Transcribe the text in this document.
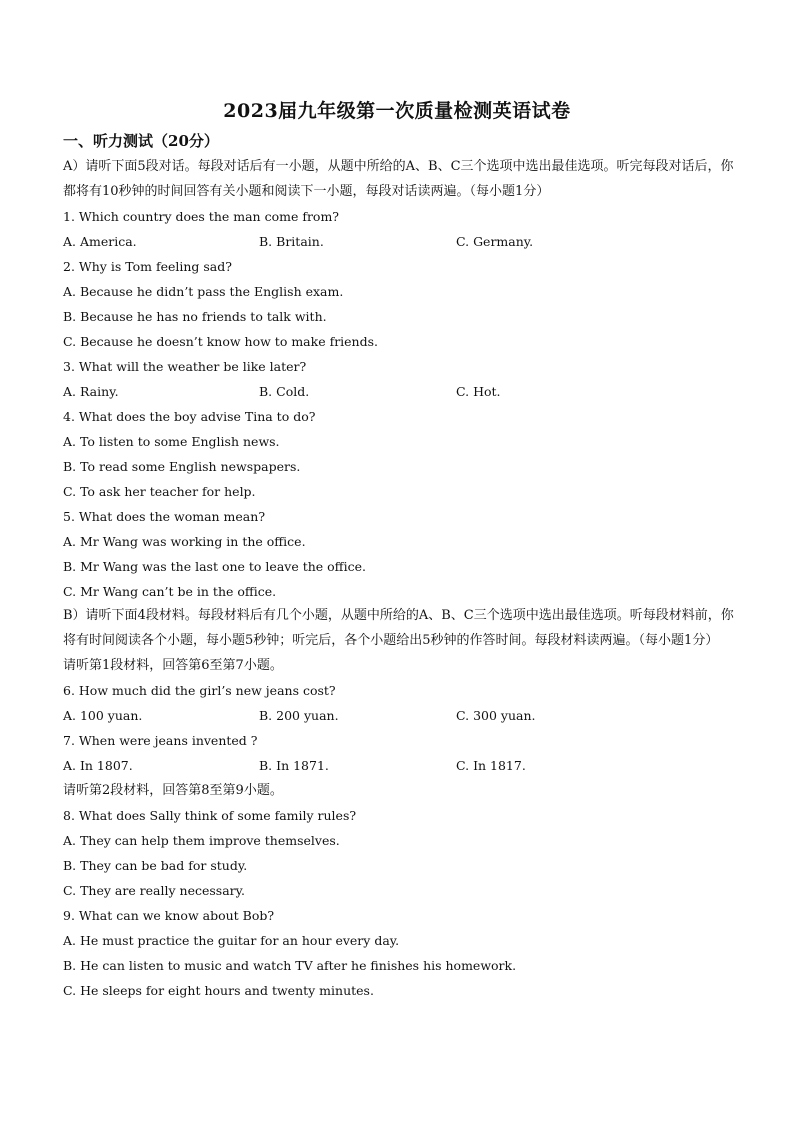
2023届九年级第一次质量检测英语试卷
一、听力测试（20分）

A）请听下面5段对话。每段对话后有一小题，从题中所给的A、B、C三个选项中选出最佳选项。听完每段对话后，你都将有10秒钟的时间回答有关小题和阅读下一小题，每段对话读两遍。（每小题1分）

1. Which country does the man come from?
A. America.	B. Britain.	C. Germany.
2. Why is Tom feeling sad?
A. Because he didn’t pass the English exam.
B. Because he has no friends to talk with.
C. Because he doesn’t know how to make friends.
3. What will the weather be like later?
A. Rainy.	B. Cold.	C. Hot.
4. What does the boy advise Tina to do?
A. To listen to some English news.
B. To read some English newspapers.
C. To ask her teacher for help.
5. What does the woman mean?
A. Mr Wang was working in the office.
B. Mr Wang was the last one to leave the office.
C. Mr Wang can’t be in the office.

B）请听下面4段材料。每段材料后有几个小题，从题中所给的A、B、C三个选项中选出最佳选项。听每段材料前，你将有时间阅读各个小题，每小题5秒钟；听完后，各个小题给出5秒钟的作答时间。每段材料读两遍。（每小题1分）

请听第1段材料，回答第6至第7小题。
6. How much did the girl’s new jeans cost?
A. 100 yuan.	B. 200 yuan.	C. 300 yuan.
7. When were jeans invented ?
A. In 1807.	B. In 1871.	C. In 1817.
请听第2段材料，回答第8至第9小题。
8. What does Sally think of some family rules?
A. They can help them improve themselves.
B. They can be bad for study.
C. They are really necessary.
9. What can we know about Bob?
A. He must practice the guitar for an hour every day.
B. He can listen to music and watch TV after he finishes his homework.
C. He sleeps for eight hours and twenty minutes.
